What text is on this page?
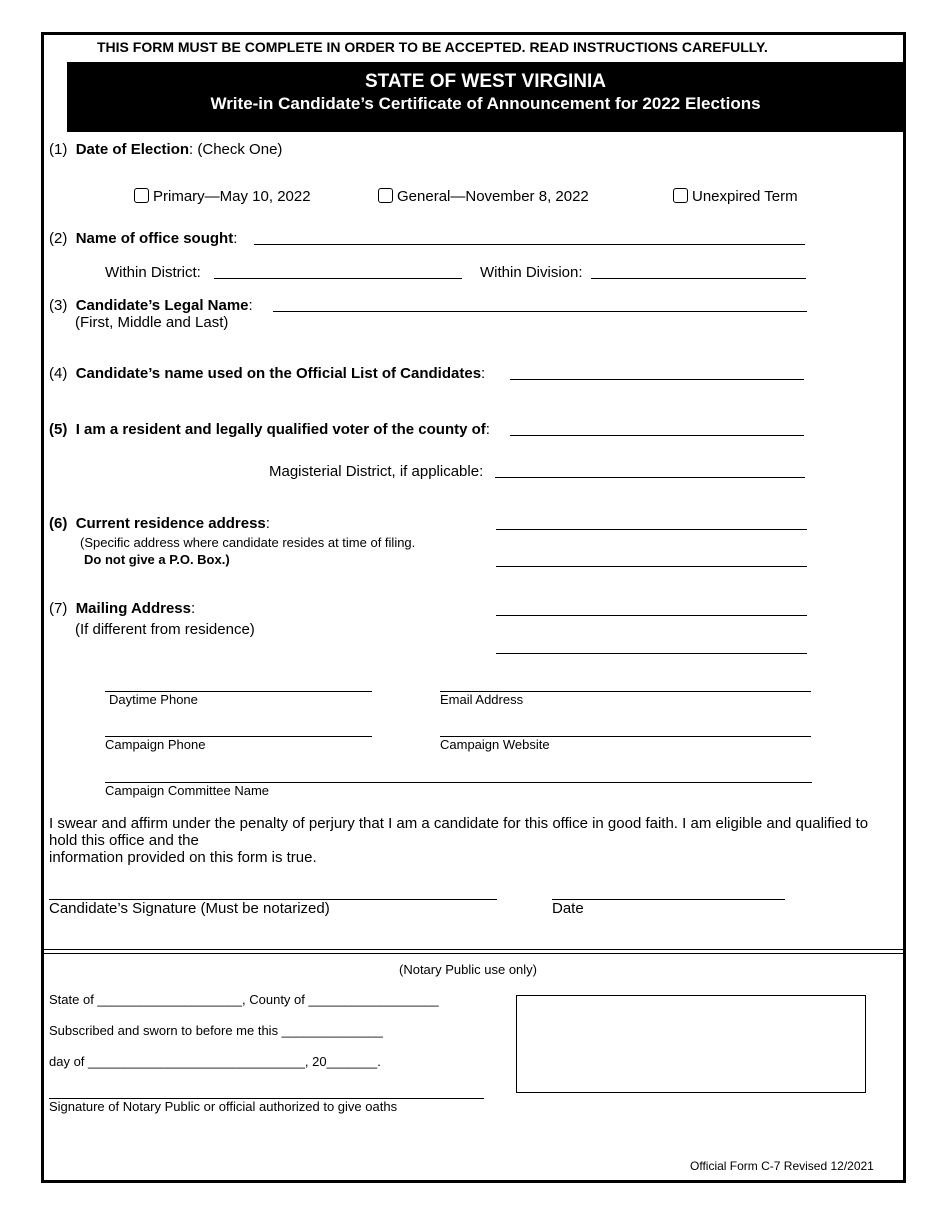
THIS FORM MUST BE COMPLETE IN ORDER TO BE ACCEPTED. READ INSTRUCTIONS CAREFULLY.
STATE OF WEST VIRGINIA
Write-in Candidate’s Certificate of Announcement for 2022 Elections
(1) Date of Election: (Check One)
Primary—May 10, 2022	General—November 8, 2022	Unexpired Term
(2) Name of office sought:
Within District:	Within Division:
(3) Candidate’s Legal Name:
(First, Middle and Last)
(4) Candidate’s name used on the Official List of Candidates:
(5) I am a resident and legally qualified voter of the county of:
Magisterial District, if applicable:
(6) Current residence address:
(Specific address where candidate resides at time of filing.
Do not give a P.O. Box.)
(7) Mailing Address:
(If different from residence)
Daytime Phone	Email Address
Campaign Phone	Campaign Website
Campaign Committee Name
I swear and affirm under the penalty of perjury that I am a candidate for this office in good faith. I am eligible and qualified to hold this office and the
information provided on this form is true.
Candidate’s Signature (Must be notarized)	Date
(Notary Public use only)
State of ____________________, County of __________________
Subscribed and sworn to before me this ______________
day of ______________________________, 20_______.
Signature of Notary Public or official authorized to give oaths
Official Form C-7 Revised 12/2021
